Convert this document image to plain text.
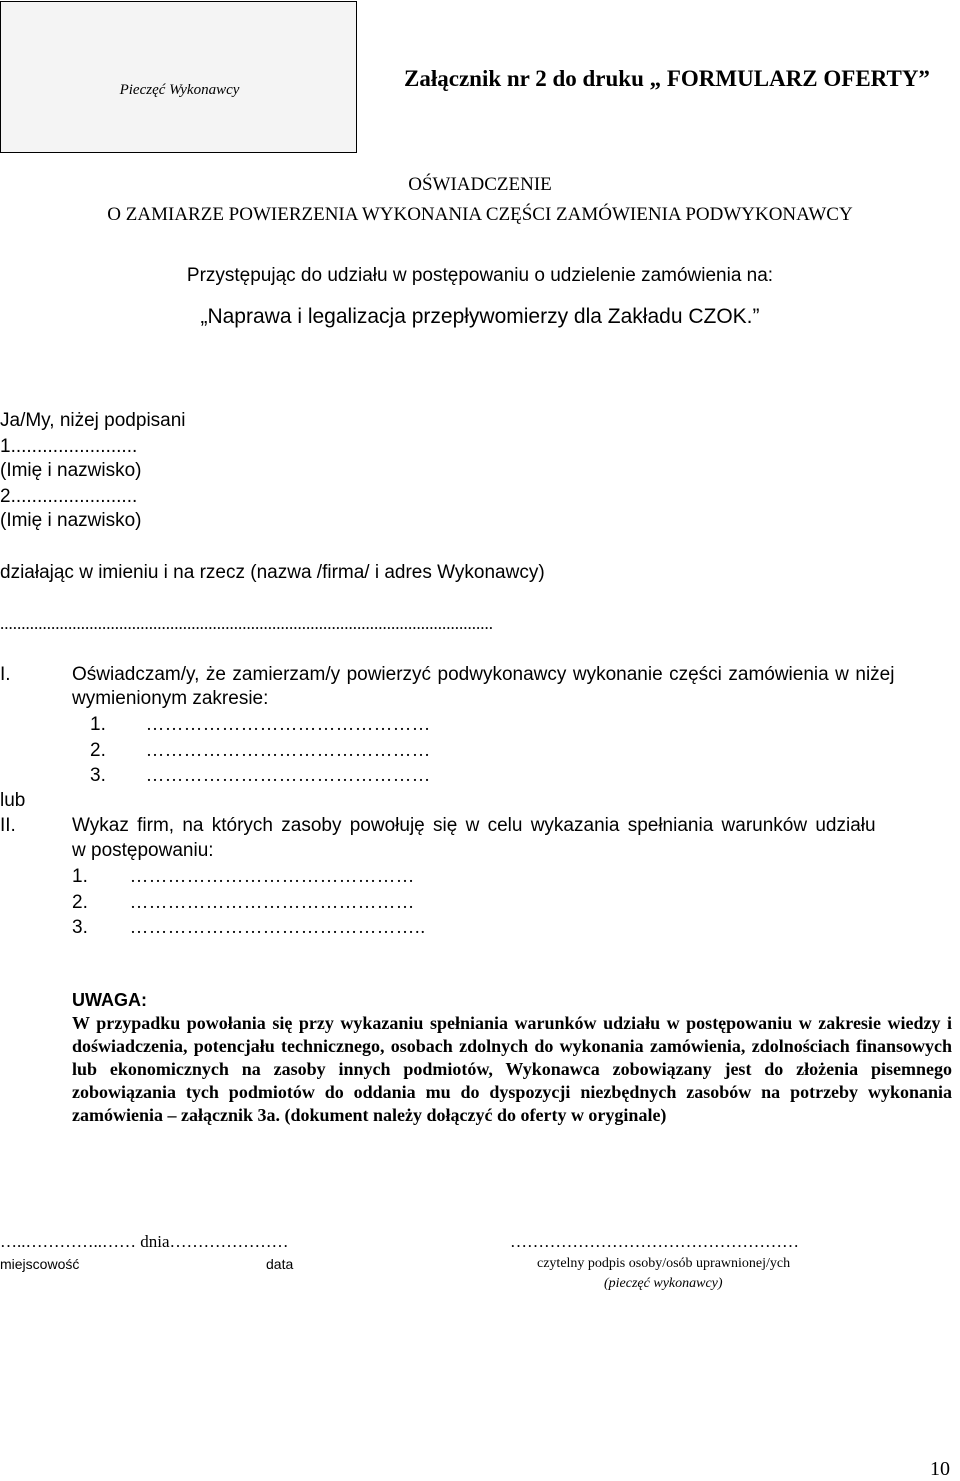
Pieczęć Wykonawcy	Załącznik nr 2 do druku „ FORMULARZ OFERTY”
OŚWIADCZENIE
O ZAMIARZE POWIERZENIA WYKONANIA CZĘŚCI ZAMÓWIENIA PODWYKONAWCY
Przystępując do udziału w postępowaniu o udzielenie zamówienia na:
„Naprawa i legalizacja przepływomierzy dla Zakładu CZOK.”
Ja/My, niżej podpisani
1........................
(Imię i nazwisko)
2........................
(Imię i nazwisko)
działając w imieniu i na rzecz (nazwa /firma/ i adres Wykonawcy)
....................................................................................................................
I.	Oświadczam/y, że zamierzam/y powierzyć podwykonawcy wykonanie części zamówienia w niżej
wymienionym zakresie:
1. ………………………………………
2. ………………………………………
3. ………………………………………
lub
II.	Wykaz firm, na których zasoby powołuję się w celu wykazania spełniania warunków udziału
w postępowaniu:
1. ………………………………………
2. ………………………………………
3. ………………………………………..
UWAGA:
W przypadku powołania się przy wykazaniu spełniania warunków udziału w postępowaniu w zakresie wiedzy i doświadczenia, potencjału technicznego, osobach zdolnych do wykonania zamówienia, zdolnościach finansowych lub ekonomicznych na zasoby innych podmiotów, Wykonawca zobowiązany jest do złożenia pisemnego zobowiązania tych podmiotów do oddania mu do dyspozycji niezbędnych zasobów na potrzeby wykonania zamówienia – załącznik 3a. (dokument należy dołączyć do oferty w oryginale)
…..…………..…… dnia…………………	……………………………………………
miejscowość	data	czytelny podpis osoby/osób uprawnionej/ych
(pieczęć wykonawcy)
10
